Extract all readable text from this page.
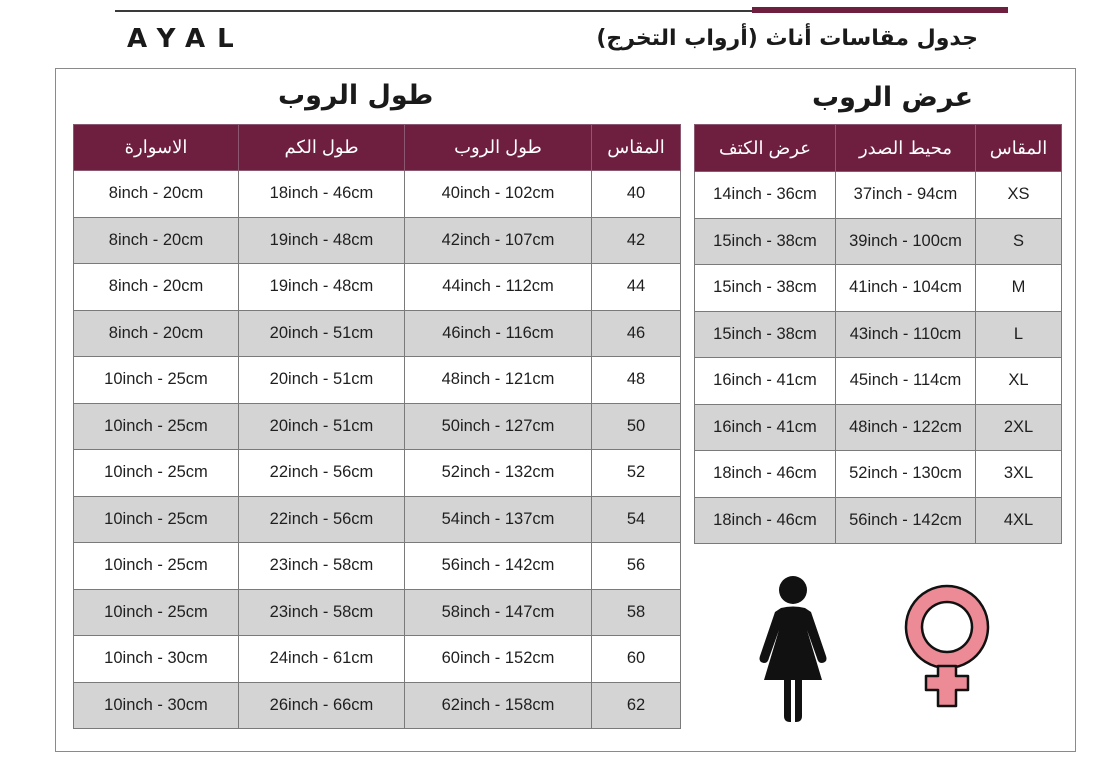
AYAL	جدول مقاسات أناث (أرواب التخرج)
طول الروب
الاسوارة	طول الكم	طول الروب	المقاس
8inch - 20cm	18inch - 46cm	40inch - 102cm	40
8inch - 20cm	19inch - 48cm	42inch - 107cm	42
8inch - 20cm	19inch - 48cm	44inch - 112cm	44
8inch - 20cm	20inch - 51cm	46inch - 116cm	46
10inch - 25cm	20inch - 51cm	48inch - 121cm	48
10inch - 25cm	20inch - 51cm	50inch - 127cm	50
10inch - 25cm	22inch - 56cm	52inch - 132cm	52
10inch - 25cm	22inch - 56cm	54inch - 137cm	54
10inch - 25cm	23inch - 58cm	56inch - 142cm	56
10inch - 25cm	23inch - 58cm	58inch - 147cm	58
10inch - 30cm	24inch - 61cm	60inch - 152cm	60
10inch - 30cm	26inch - 66cm	62inch - 158cm	62
عرض الروب
عرض الكتف	محيط الصدر	المقاس
14inch - 36cm	37inch - 94cm	XS
15inch - 38cm	39inch - 100cm	S
15inch - 38cm	41inch - 104cm	M
15inch - 38cm	43inch - 110cm	L
16inch - 41cm	45inch - 114cm	XL
16inch - 41cm	48inch - 122cm	2XL
18inch - 46cm	52inch - 130cm	3XL
18inch - 46cm	56inch - 142cm	4XL
